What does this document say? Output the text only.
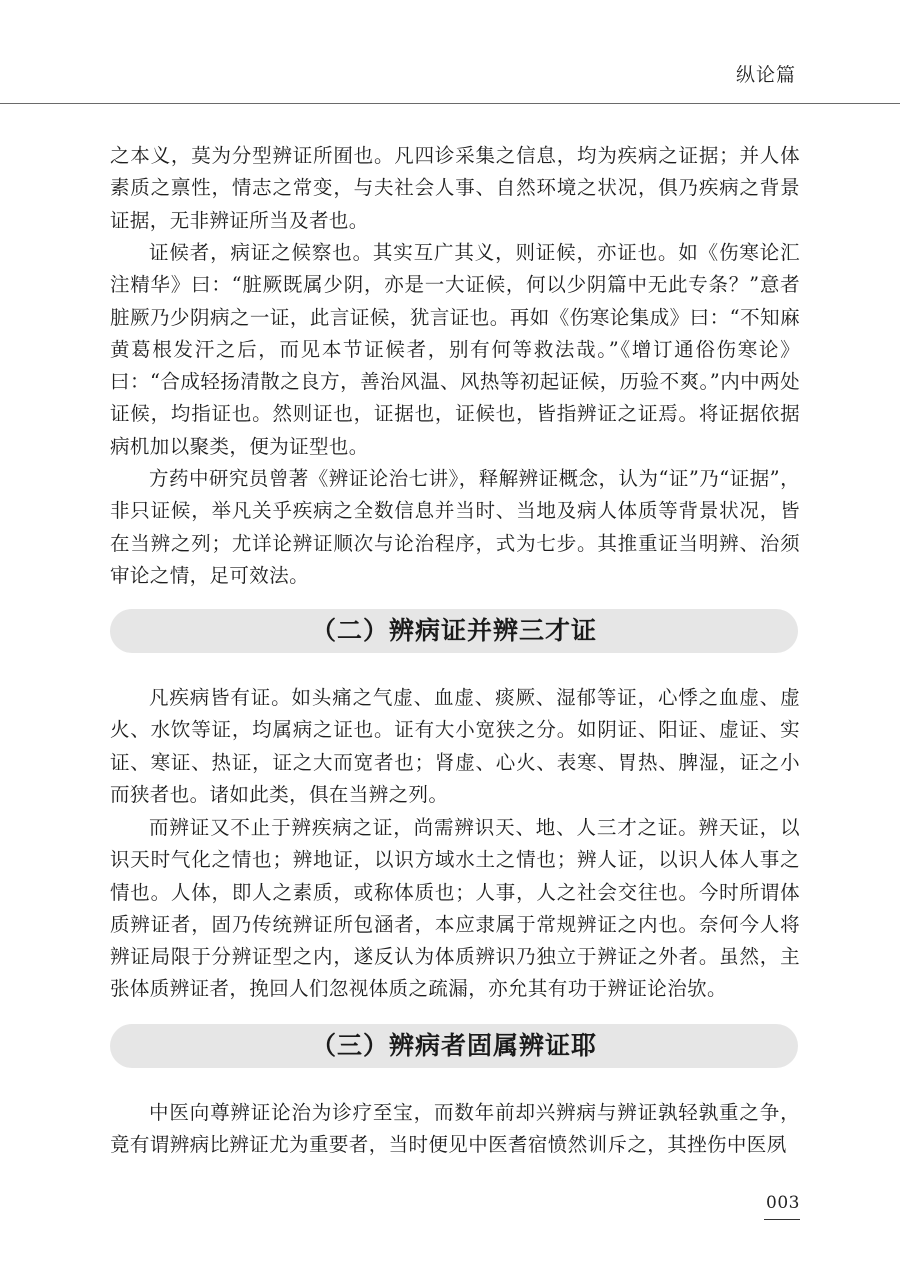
纵论篇

之本义，莫为分型辨证所囿也。凡四诊采集之信息，均为疾病之证据；并人体素质之禀性，情志之常变，与夫社会人事、自然环境之状况，俱乃疾病之背景证据，无非辨证所当及者也。

证候者，病证之候察也。其实互广其义，则证候，亦证也。如《伤寒论汇注精华》曰：“脏厥既属少阴，亦是一大证候，何以少阴篇中无此专条？”意者脏厥乃少阴病之一证，此言证候，犹言证也。再如《伤寒论集成》曰：“不知麻黄葛根发汗之后，而见本节证候者，别有何等救法哉。”《增订通俗伤寒论》曰：“合成轻扬清散之良方，善治风温、风热等初起证候，历验不爽。”内中两处证候，均指证也。然则证也，证据也，证候也，皆指辨证之证焉。将证据依据病机加以聚类，便为证型也。

方药中研究员曾著《辨证论治七讲》，释解辨证概念，认为“证”乃“证据”，非只证候，举凡关乎疾病之全数信息并当时、当地及病人体质等背景状况，皆在当辨之列；尤详论辨证顺次与论治程序，式为七步。其推重证当明辨、治须审论之情，足可效法。

（二）辨病证并辨三才证

凡疾病皆有证。如头痛之气虚、血虚、痰厥、湿郁等证，心悸之血虚、虚火、水饮等证，均属病之证也。证有大小宽狭之分。如阴证、阳证、虚证、实证、寒证、热证，证之大而宽者也；肾虚、心火、表寒、胃热、脾湿，证之小而狭者也。诸如此类，俱在当辨之列。

而辨证又不止于辨疾病之证，尚需辨识天、地、人三才之证。辨天证，以识天时气化之情也；辨地证，以识方域水土之情也；辨人证，以识人体人事之情也。人体，即人之素质，或称体质也；人事，人之社会交往也。今时所谓体质辨证者，固乃传统辨证所包涵者，本应隶属于常规辨证之内也。奈何今人将辨证局限于分辨证型之内，遂反认为体质辨识乃独立于辨证之外者。虽然，主张体质辨证者，挽回人们忽视体质之疏漏，亦允其有功于辨证论治欤。

（三）辨病者固属辨证耶

中医向尊辨证论治为诊疗至宝，而数年前却兴辨病与辨证孰轻孰重之争，竟有谓辨病比辨证尤为重要者，当时便见中医耆宿愤然训斥之，其挫伤中医夙

003
